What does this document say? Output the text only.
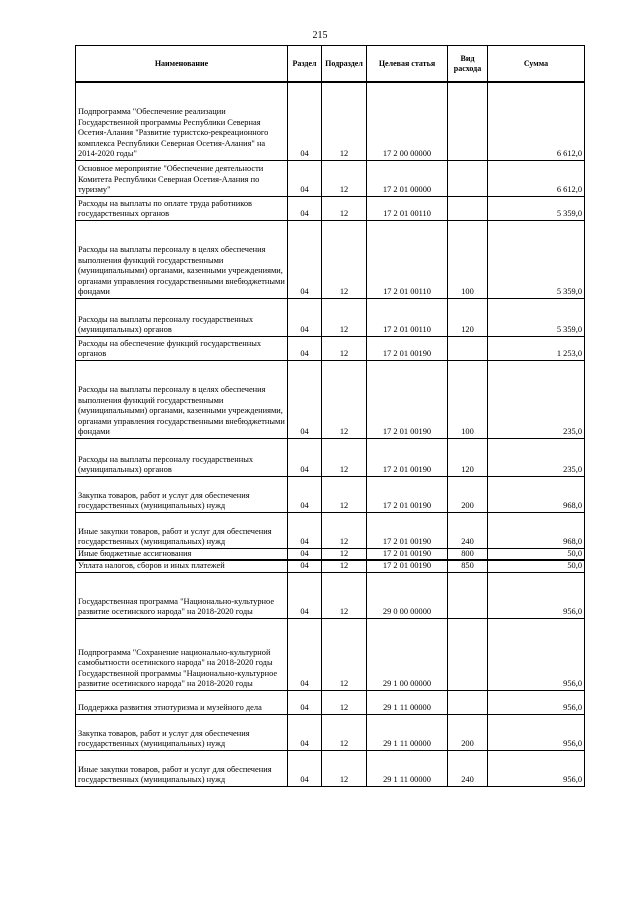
215
Наименование	Раздел	Подраздел	Целевая статья	Вид расхода	Сумма
Подпрограмма "Обеспечение реализации Государственной программы Республики Северная Осетия-Алания "Развитие туристско-рекреационного комплекса Республики Северная Осетия-Алания" на 2014-2020 годы"	04	12	17 2 00 00000		6 612,0
Основное мероприятие "Обеспечение деятельности Комитета Республики Северная Осетия-Алания по туризму"	04	12	17 2 01 00000		6 612,0
Расходы на выплаты по оплате труда работников государственных органов	04	12	17 2 01 00110		5 359,0
Расходы на выплаты персоналу в целях обеспечения выполнения функций государственными (муниципальными) органами, казенными учреждениями, органами управления государственными внебюджетными фондами	04	12	17 2 01 00110	100	5 359,0
Расходы на выплаты персоналу государственных (муниципальных) органов	04	12	17 2 01 00110	120	5 359,0
Расходы на обеспечение функций государственных органов	04	12	17 2 01 00190		1 253,0
Расходы на выплаты персоналу в целях обеспечения выполнения функций государственными (муниципальными) органами, казенными учреждениями, органами управления государственными внебюджетными фондами	04	12	17 2 01 00190	100	235,0
Расходы на выплаты персоналу государственных (муниципальных) органов	04	12	17 2 01 00190	120	235,0
Закупка товаров, работ и услуг для обеспечения государственных (муниципальных) нужд	04	12	17 2 01 00190	200	968,0
Иные закупки товаров, работ и услуг для обеспечения государственных (муниципальных) нужд	04	12	17 2 01 00190	240	968,0
Иные бюджетные ассигнования	04	12	17 2 01 00190	800	50,0
Уплата налогов, сборов и иных платежей	04	12	17 2 01 00190	850	50,0
Государственная программа "Национально-культурное развитие осетинского народа" на 2018-2020 годы	04	12	29 0 00 00000		956,0
Подпрограмма "Сохранение национально-культурной самобытности осетинского народа" на 2018-2020 годы Государственной программы "Национально-культурное развитие осетинского народа" на 2018-2020 годы	04	12	29 1 00 00000		956,0
Поддержка развития этнотуризма и музейного дела	04	12	29 1 11 00000		956,0
Закупка товаров, работ и услуг для обеспечения государственных (муниципальных) нужд	04	12	29 1 11 00000	200	956,0
Иные закупки товаров, работ и услуг для обеспечения государственных (муниципальных) нужд	04	12	29 1 11 00000	240	956,0
